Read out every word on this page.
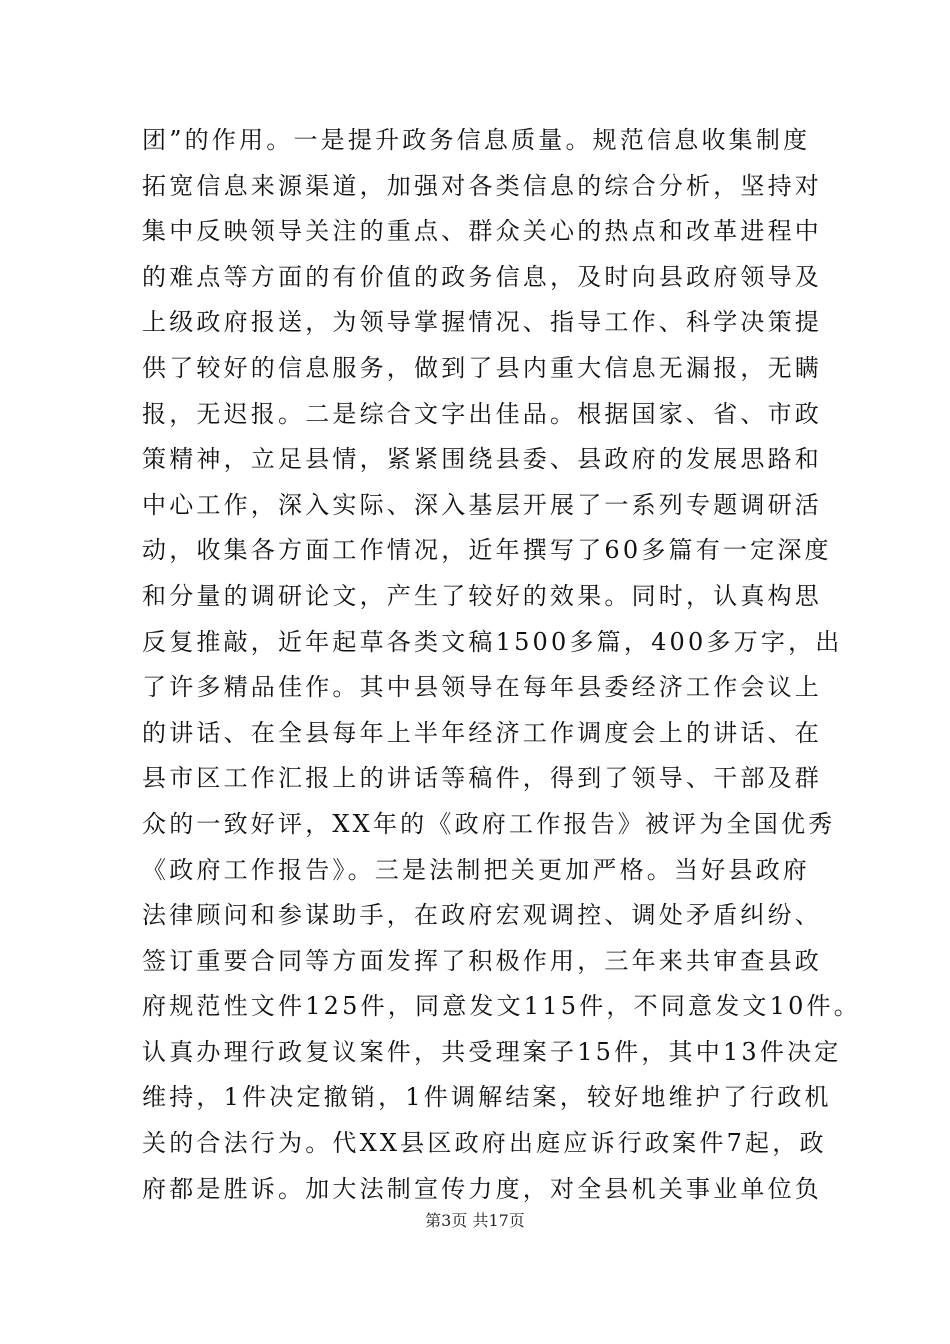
团”的作用。一是提升政务信息质量。规范信息收集制度
拓宽信息来源渠道，加强对各类信息的综合分析，坚持对
集中反映领导关注的重点、群众关心的热点和改革进程中
的难点等方面的有价值的政务信息，及时向县政府领导及
上级政府报送，为领导掌握情况、指导工作、科学决策提
供了较好的信息服务，做到了县内重大信息无漏报，无瞒
报，无迟报。二是综合文字出佳品。根据国家、省、市政
策精神，立足县情，紧紧围绕县委、县政府的发展思路和
中心工作，深入实际、深入基层开展了一系列专题调研活
动，收集各方面工作情况，近年撰写了60多篇有一定深度
和分量的调研论文，产生了较好的效果。同时，认真构思
反复推敲，近年起草各类文稿1500多篇，400多万字，出
了许多精品佳作。其中县领导在每年县委经济工作会议上
的讲话、在全县每年上半年经济工作调度会上的讲话、在
县市区工作汇报上的讲话等稿件，得到了领导、干部及群
众的一致好评，XX年的《政府工作报告》被评为全国优秀
《政府工作报告》。三是法制把关更加严格。当好县政府
法律顾问和参谋助手，在政府宏观调控、调处矛盾纠纷、
签订重要合同等方面发挥了积极作用，三年来共审查县政
府规范性文件125件，同意发文115件，不同意发文10件。
认真办理行政复议案件，共受理案子15件，其中13件决定
维持，1件决定撤销，1件调解结案，较好地维护了行政机
关的合法行为。代XX县区政府出庭应诉行政案件7起，政
府都是胜诉。加大法制宣传力度，对全县机关事业单位负
第3页 共17页
